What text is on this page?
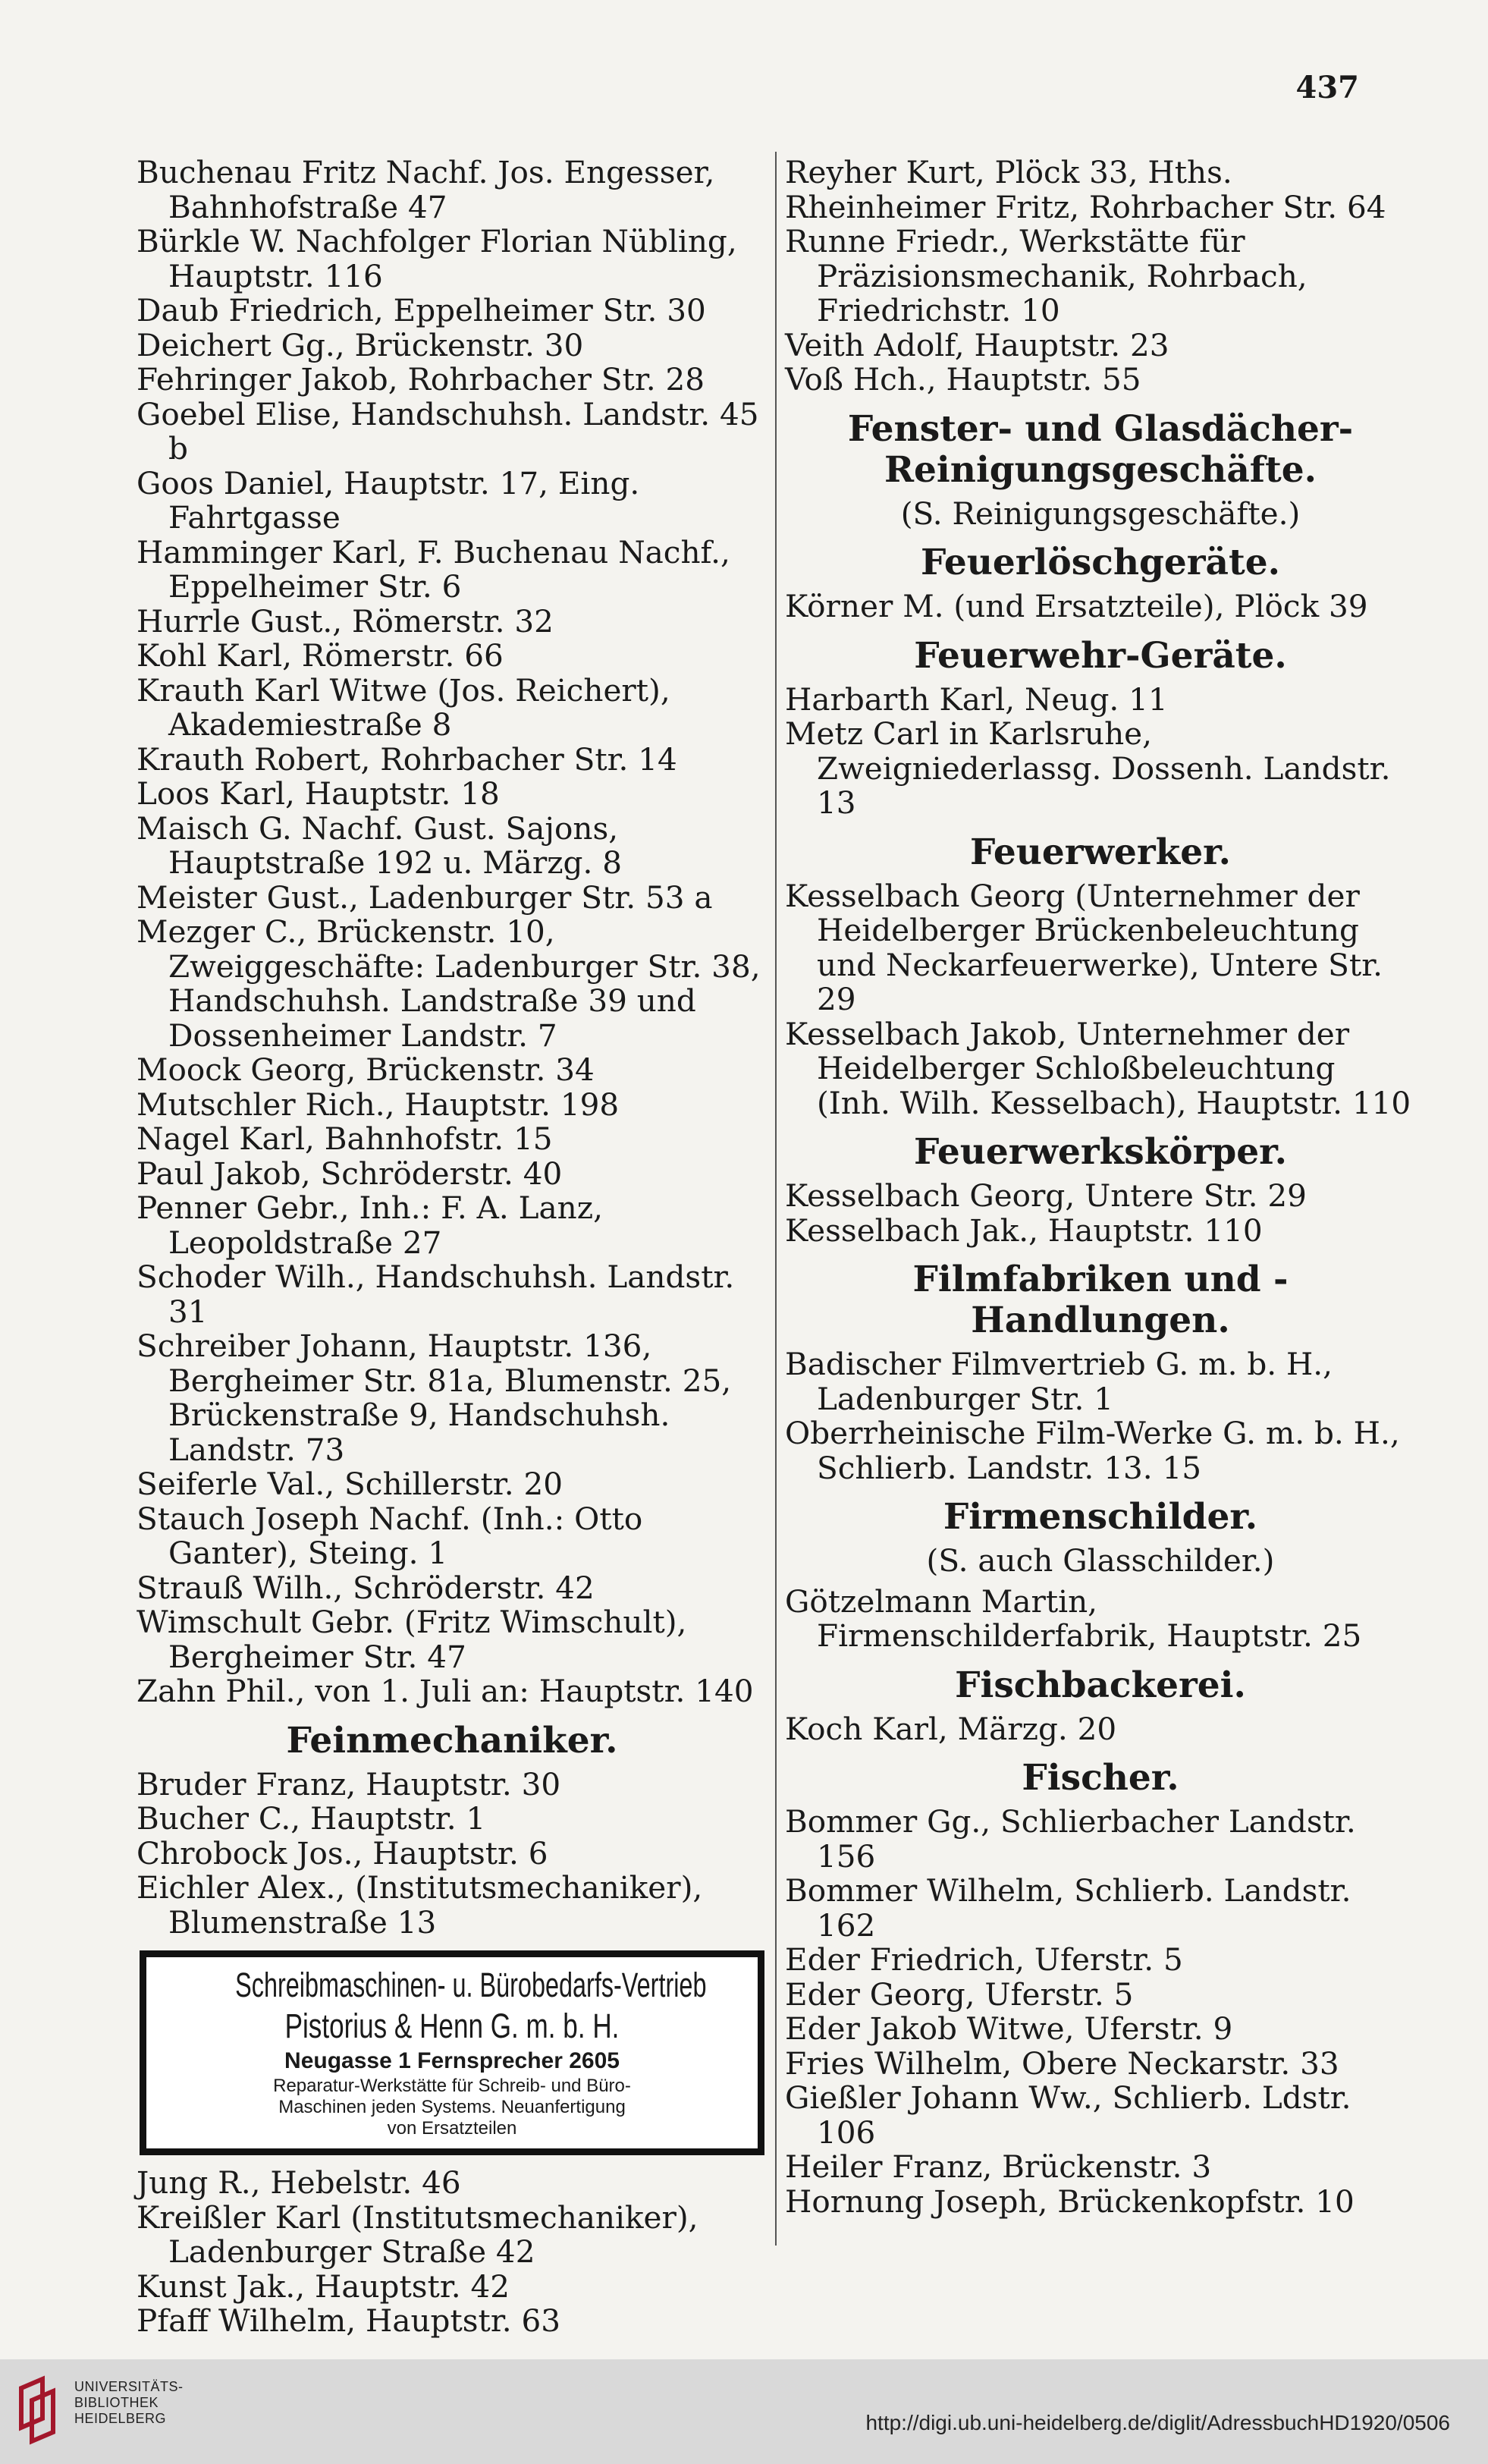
437
Buchenau Fritz Nachf. Jos. Engesser, Bahnhofstraße 47
Bürkle W. Nachfolger Florian Nübling, Hauptstr. 116
Daub Friedrich, Eppelheimer Str. 30
Deichert Gg., Brückenstr. 30
Fehringer Jakob, Rohrbacher Str. 28
Goebel Elise, Handschuhsh. Landstr. 45 b
Goos Daniel, Hauptstr. 17, Eing. Fahrtgasse
Hamminger Karl, F. Buchenau Nachf., Eppelheimer Str. 6
Hurrle Gust., Römerstr. 32
Kohl Karl, Römerstr. 66
Krauth Karl Witwe (Jos. Reichert), Akademiestraße 8
Krauth Robert, Rohrbacher Str. 14
Loos Karl, Hauptstr. 18
Maisch G. Nachf. Gust. Sajons, Hauptstraße 192 u. Märzg. 8
Meister Gust., Ladenburger Str. 53 a
Mezger C., Brückenstr. 10, Zweiggeschäfte: Ladenburger Str. 38, Handschuhsh. Landstraße 39 und Dossenheimer Landstr. 7
Moock Georg, Brückenstr. 34
Mutschler Rich., Hauptstr. 198
Nagel Karl, Bahnhofstr. 15
Paul Jakob, Schröderstr. 40
Penner Gebr., Inh.: F. A. Lanz, Leopoldstraße 27
Schoder Wilh., Handschuhsh. Landstr. 31
Schreiber Johann, Hauptstr. 136, Bergheimer Str. 81a, Blumenstr. 25, Brückenstraße 9, Handschuhsh. Landstr. 73
Seiferle Val., Schillerstr. 20
Stauch Joseph Nachf. (Inh.: Otto Ganter), Steing. 1
Strauß Wilh., Schröderstr. 42
Wimschult Gebr. (Fritz Wimschult), Bergheimer Str. 47
Zahn Phil., von 1. Juli an: Hauptstr. 140
Feinmechaniker.
Bruder Franz, Hauptstr. 30
Bucher C., Hauptstr. 1
Chrobock Jos., Hauptstr. 6
Eichler Alex., (Institutsmechaniker), Blumenstraße 13
Schreibmaschinen- u. Bürobedarfs-Vertrieb
Pistorius & Henn G. m. b. H.
Neugasse 1 Fernsprecher 2605
Reparatur-Werkstätte für Schreib- und Büro-
Maschinen jeden Systems. Neuanfertigung
von Ersatzteilen
Jung R., Hebelstr. 46
Kreißler Karl (Institutsmechaniker), Ladenburger Straße 42
Kunst Jak., Hauptstr. 42
Pfaff Wilhelm, Hauptstr. 63
Reyher Kurt, Plöck 33, Hths.
Rheinheimer Fritz, Rohrbacher Str. 64
Runne Friedr., Werkstätte für Präzisionsmechanik, Rohrbach, Friedrichstr. 10
Veith Adolf, Hauptstr. 23
Voß Hch., Hauptstr. 55
Fenster- und Glasdächer-Reinigungsgeschäfte.
(S. Reinigungsgeschäfte.)
Feuerlöschgeräte.
Körner M. (und Ersatzteile), Plöck 39
Feuerwehr-Geräte.
Harbarth Karl, Neug. 11
Metz Carl in Karlsruhe, Zweigniederlassg. Dossenh. Landstr. 13
Feuerwerker.
Kesselbach Georg (Unternehmer der Heidelberger Brückenbeleuchtung und Neckarfeuerwerke), Untere Str. 29
Kesselbach Jakob, Unternehmer der Heidelberger Schloßbeleuchtung (Inh. Wilh. Kesselbach), Hauptstr. 110
Feuerwerkskörper.
Kesselbach Georg, Untere Str. 29
Kesselbach Jak., Hauptstr. 110
Filmfabriken und -Handlungen.
Badischer Filmvertrieb G. m. b. H., Ladenburger Str. 1
Oberrheinische Film-Werke G. m. b. H., Schlierb. Landstr. 13. 15
Firmenschilder.
(S. auch Glasschilder.)
Götzelmann Martin, Firmenschilderfabrik, Hauptstr. 25
Fischbackerei.
Koch Karl, Märzg. 20
Fischer.
Bommer Gg., Schlierbacher Landstr. 156
Bommer Wilhelm, Schlierb. Landstr. 162
Eder Friedrich, Uferstr. 5
Eder Georg, Uferstr. 5
Eder Jakob Witwe, Uferstr. 9
Fries Wilhelm, Obere Neckarstr. 33
Gießler Johann Ww., Schlierb. Ldstr. 106
Heiler Franz, Brückenstr. 3
Hornung Joseph, Brückenkopfstr. 10
UNIVERSITÄTS-
BIBLIOTHEK
HEIDELBERG	http://digi.ub.uni-heidelberg.de/diglit/AdressbuchHD1920/0506
